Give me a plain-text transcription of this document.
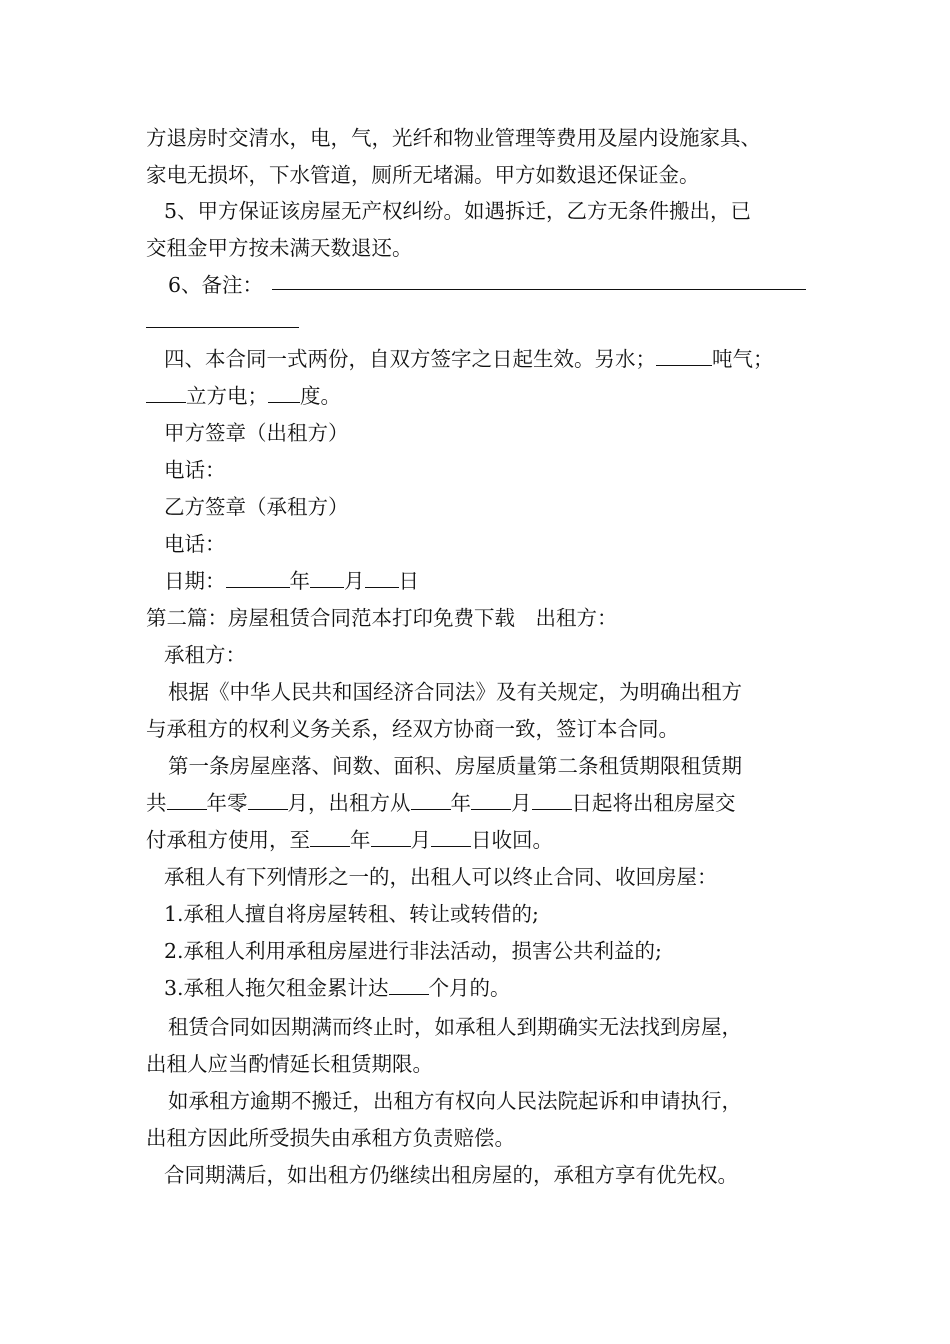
方退房时交清水，电，气，光纤和物业管理等费用及屋内设施家具、
家电无损坏，下水管道，厕所无堵漏。甲方如数退还保证金。
5、甲方保证该房屋无产权纠纷。如遇拆迁，乙方无条件搬出，已
交租金甲方按未满天数退还。
6、备注：
四、本合同一式两份，自双方签字之日起生效。另水；	吨气；
立方电； 度。
甲方签章（出租方）
电话：
乙方签章（承租方）
电话：
日期：	年 月 日
第二篇：房屋租赁合同范本打印免费下载　出租方：
承租方：
根据《中华人民共和国经济合同法》及有关规定，为明确出租方
与承租方的权利义务关系，经双方协商一致，签订本合同。
第一条房屋座落、间数、面积、房屋质量第二条租赁期限租赁期
共 年零 月，出租方从 年 月 日起将出租房屋交
付承租方使用，至 年 月 日收回。
承租人有下列情形之一的，出租人可以终止合同、收回房屋：
1.承租人擅自将房屋转租、转让或转借的;
2.承租人利用承租房屋进行非法活动，损害公共利益的;
3.承租人拖欠租金累计达 个月的。
租赁合同如因期满而终止时，如承租人到期确实无法找到房屋，
出租人应当酌情延长租赁期限。
如承租方逾期不搬迁，出租方有权向人民法院起诉和申请执行，
出租方因此所受损失由承租方负责赔偿。
合同期满后，如出租方仍继续出租房屋的，承租方享有优先权。
